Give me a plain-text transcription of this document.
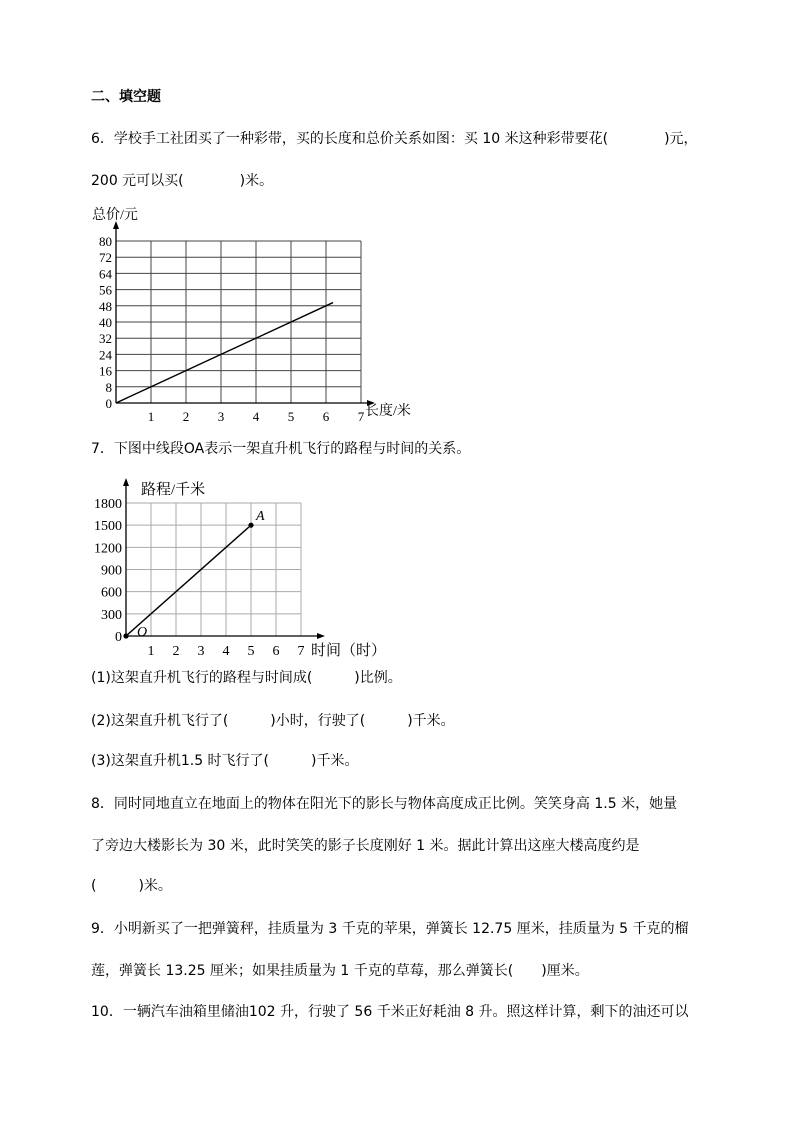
二、填空题
6．学校手工社团买了一种彩带，买的长度和总价关系如图：买 10 米这种彩带要花(　　　　)元，
200 元可以买(　　　　)米。
0
8
16
24
32
40
48
56
64
72
80
1 2 3 4 5 6 7
总价/元
长度/米
7．下图中线段OA表示一架直升机飞行的路程与时间的关系。
0
300
600
900
1200
1500
1800
1 2 3 4 5 6 7
路程/千米
时间（时）
A
O
(1)这架直升机飞行的路程与时间成(　　　)比例。
(2)这架直升机飞行了(　　　)小时，行驶了(　　　)千米。
(3)这架直升机1.5 时飞行了(　　　)千米。
8．同时同地直立在地面上的物体在阳光下的影长与物体高度成正比例。笑笑身高 1.5 米，她量
了旁边大楼影长为 30 米，此时笑笑的影子长度刚好 1 米。据此计算出这座大楼高度约是
(　　　)米。
9．小明新买了一把弹簧秤，挂质量为 3 千克的苹果，弹簧长 12.75 厘米，挂质量为 5 千克的榴
莲，弹簧长 13.25 厘米；如果挂质量为 1 千克的草莓，那么弹簧长(　　)厘米。
10．一辆汽车油箱里储油102 升，行驶了 56 千米正好耗油 8 升。照这样计算，剩下的油还可以
